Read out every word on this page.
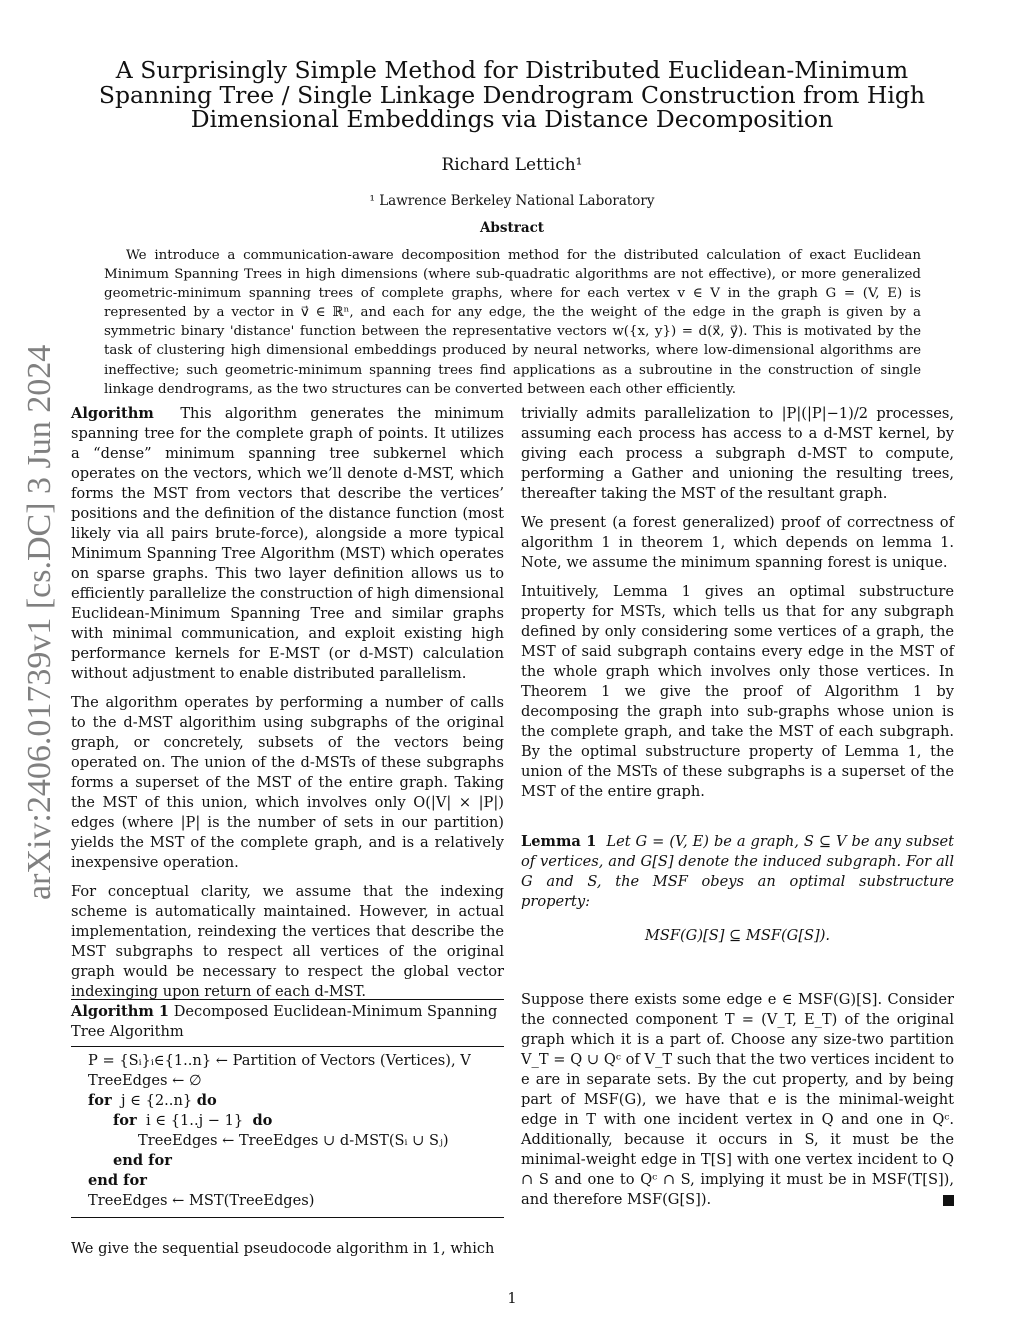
arXiv:2406.01739v1 [cs.DC] 3 Jun 2024
A Surprisingly Simple Method for Distributed Euclidean-Minimum Spanning Tree / Single Linkage Dendrogram Construction from High Dimensional Embeddings via Distance Decomposition
Richard Lettich¹
¹ Lawrence Berkeley National Laboratory
Abstract
We introduce a communication-aware decomposition method for the distributed calculation of exact Euclidean Minimum Spanning Trees in high dimensions (where sub-quadratic algorithms are not effective), or more generalized geometric-minimum spanning trees of complete graphs, where for each vertex v ∈ V in the graph G = (V, E) is represented by a vector in v⃗ ∈ ℝⁿ, and each for any edge, the the weight of the edge in the graph is given by a symmetric binary 'distance' function between the representative vectors w({x, y}) = d(x⃗, y⃗). This is motivated by the task of clustering high dimensional embeddings produced by neural networks, where low-dimensional algorithms are ineffective; such geometric-minimum spanning trees find applications as a subroutine in the construction of single linkage dendrograms, as the two structures can be converted between each other efficiently.

Algorithm This algorithm generates the minimum spanning tree for the complete graph of points. It utilizes a “dense” minimum spanning tree subkernel which operates on the vectors, which we’ll denote d-MST, which forms the MST from vectors that describe the vertices’ positions and the definition of the distance function (most likely via all pairs brute-force), alongside a more typical Minimum Spanning Tree Algorithm (MST) which operates on sparse graphs. This two layer definition allows us to efficiently parallelize the construction of high dimensional Euclidean-Minimum Spanning Tree and similar graphs with minimal communication, and exploit existing high performance kernels for E-MST (or d-MST) calculation without adjustment to enable distributed parallelism.

The algorithm operates by performing a number of calls to the d-MST algorithim using subgraphs of the original graph, or concretely, subsets of the vectors being operated on. The union of the d-MSTs of these subgraphs forms a superset of the MST of the entire graph. Taking the MST of this union, which involves only O(|V| × |P|) edges (where |P| is the number of sets in our partition) yields the MST of the complete graph, and is a relatively inexpensive operation.

For conceptual clarity, we assume that the indexing scheme is automatically maintained. However, in actual implementation, reindexing the vertices that describe the MST subgraphs to respect all vertices of the original graph would be necessary to respect the global vector indexinging upon return of each d-MST.

Algorithm 1 Decomposed Euclidean-Minimum Spanning Tree Algorithm
P = {Sᵢ}ᵢ∈{1..n} ← Partition of Vectors (Vertices), V
TreeEdges ← ∅
for j ∈ {2..n} do
for i ∈ {1..j − 1} do
TreeEdges ← TreeEdges ∪ d-MST(Sᵢ ∪ Sⱼ)
end for
end for
TreeEdges ← MST(TreeEdges)
We give the sequential pseudocode algorithm in 1, which

trivially admits parallelization to |P|(|P|−1)/2 processes, assuming each process has access to a d-MST kernel, by giving each process a subgraph d-MST to compute, performing a Gather and unioning the resulting trees, thereafter taking the MST of the resultant graph.

We present (a forest generalized) proof of correctness of algorithm 1 in theorem 1, which depends on lemma 1. Note, we assume the minimum spanning forest is unique.

Intuitively, Lemma 1 gives an optimal substructure property for MSTs, which tells us that for any subgraph defined by only considering some vertices of a graph, the MST of said subgraph contains every edge in the MST of the whole graph which involves only those vertices. In Theorem 1 we give the proof of Algorithm 1 by decomposing the graph into sub-graphs whose union is the complete graph, and take the MST of each subgraph. By the optimal substructure property of Lemma 1, the union of the MSTs of these subgraphs is a superset of the MST of the entire graph.

Lemma 1 Let G = (V, E) be a graph, S ⊆ V be any subset of vertices, and G[S] denote the induced subgraph. For all G and S, the MSF obeys an optimal substructure property:
MSF(G)[S] ⊆ MSF(G[S]).
Suppose there exists some edge e ∈ MSF(G)[S]. Consider the connected component T = (V_T, E_T) of the original graph which it is a part of. Choose any size-two partition V_T = Q ∪ Qᶜ of V_T such that the two vertices incident to e are in separate sets. By the cut property, and by being part of MSF(G), we have that e is the minimal-weight edge in T with one incident vertex in Q and one in Qᶜ. Additionally, because it occurs in S, it must be the minimal-weight edge in T[S] with one vertex incident to Q ∩ S and one to Qᶜ ∩ S, implying it must be in MSF(T[S]), and therefore MSF(G[S]).
1
